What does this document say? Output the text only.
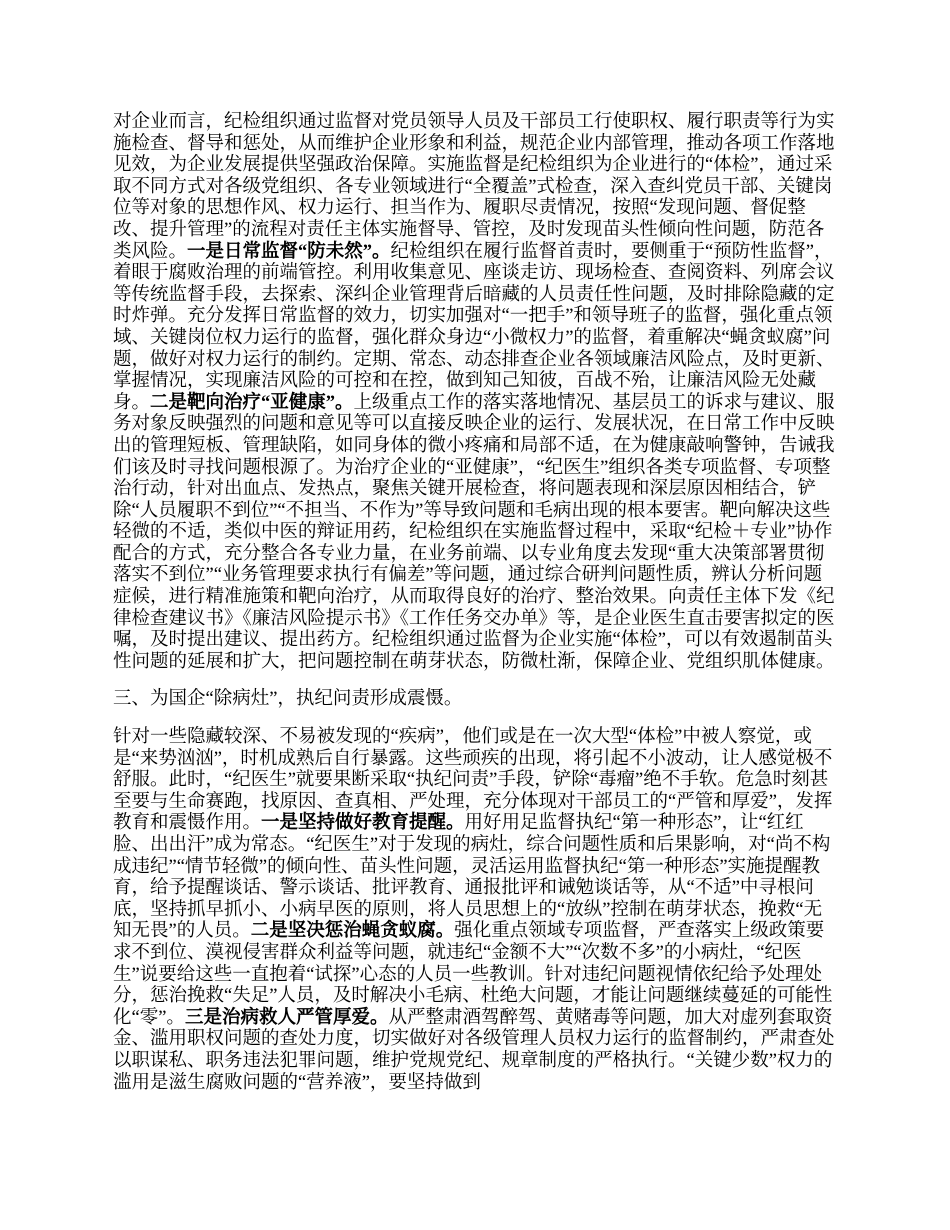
对企业而言，纪检组织通过监督对党员领导人员及干部员工行使职权、履行职责等行为实施检查、督导和惩处，从而维护企业形象和利益，规范企业内部管理，推动各项工作落地见效，为企业发展提供坚强政治保障。实施监督是纪检组织为企业进行的“体检”，通过采取不同方式对各级党组织、各专业领域进行“全覆盖”式检查，深入查纠党员干部、关键岗位等对象的思想作风、权力运行、担当作为、履职尽责情况，按照“发现问题、督促整改、提升管理”的流程对责任主体实施督导、管控，及时发现苗头性倾向性问题，防范各类风险。一是日常监督“防未然”。纪检组织在履行监督首责时，要侧重于“预防性监督”，着眼于腐败治理的前端管控。利用收集意见、座谈走访、现场检查、查阅资料、列席会议等传统监督手段，去探索、深纠企业管理背后暗藏的人员责任性问题，及时排除隐藏的定时炸弹。充分发挥日常监督的效力，切实加强对“一把手”和领导班子的监督，强化重点领域、关键岗位权力运行的监督，强化群众身边“小微权力”的监督，着重解决“蝇贪蚁腐”问题，做好对权力运行的制约。定期、常态、动态排查企业各领域廉洁风险点，及时更新、掌握情况，实现廉洁风险的可控和在控，做到知己知彼，百战不殆，让廉洁风险无处藏身。二是靶向治疗“亚健康”。上级重点工作的落实落地情况、基层员工的诉求与建议、服务对象反映强烈的问题和意见等可以直接反映企业的运行、发展状况，在日常工作中反映出的管理短板、管理缺陷，如同身体的微小疼痛和局部不适，在为健康敲响警钟，告诫我们该及时寻找问题根源了。为治疗企业的“亚健康”，“纪医生”组织各类专项监督、专项整治行动，针对出血点、发热点，聚焦关键开展检查，将问题表现和深层原因相结合，铲除“人员履职不到位”“不担当、不作为”等导致问题和毛病出现的根本要害。靶向解决这些轻微的不适，类似中医的辩证用药，纪检组织在实施监督过程中，采取“纪检＋专业”协作配合的方式，充分整合各专业力量，在业务前端、以专业角度去发现“重大决策部署贯彻落实不到位”“业务管理要求执行有偏差”等问题，通过综合研判问题性质，辨认分析问题症候，进行精准施策和靶向治疗，从而取得良好的治疗、整治效果。向责任主体下发《纪律检查建议书》《廉洁风险提示书》《工作任务交办单》等，是企业医生直击要害拟定的医嘱，及时提出建议、提出药方。纪检组织通过监督为企业实施“体检”，可以有效遏制苗头性问题的延展和扩大，把问题控制在萌芽状态，防微杜渐，保障企业、党组织肌体健康。

三、为国企“除病灶”，执纪问责形成震慑。

针对一些隐藏较深、不易被发现的“疾病”，他们或是在一次大型“体检”中被人察觉，或是“来势汹汹”，时机成熟后自行暴露。这些顽疾的出现，将引起不小波动，让人感觉极不舒服。此时，“纪医生”就要果断采取“执纪问责”手段，铲除“毒瘤”绝不手软。危急时刻甚至要与生命赛跑，找原因、查真相、严处理，充分体现对干部员工的“严管和厚爱”，发挥教育和震慑作用。一是坚持做好教育提醒。用好用足监督执纪“第一种形态”，让“红红脸、出出汗”成为常态。“纪医生”对于发现的病灶，综合问题性质和后果影响，对“尚不构成违纪”“情节轻微”的倾向性、苗头性问题，灵活运用监督执纪“第一种形态”实施提醒教育，给予提醒谈话、警示谈话、批评教育、通报批评和诫勉谈话等，从“不适”中寻根问底，坚持抓早抓小、小病早医的原则，将人员思想上的“放纵”控制在萌芽状态，挽救“无知无畏”的人员。二是坚决惩治蝇贪蚁腐。强化重点领域专项监督，严查落实上级政策要求不到位、漠视侵害群众利益等问题，就违纪“金额不大”“次数不多”的小病灶，“纪医生”说要给这些一直抱着“试探”心态的人员一些教训。针对违纪问题视情依纪给予处理处分，惩治挽救“失足”人员，及时解决小毛病、杜绝大问题，才能让问题继续蔓延的可能性化“零”。三是治病救人严管厚爱。从严整肃酒驾醉驾、黄赌毒等问题，加大对虚列套取资金、滥用职权问题的查处力度，切实做好对各级管理人员权力运行的监督制约，严肃查处以职谋私、职务违法犯罪问题，维护党规党纪、规章制度的严格执行。“关键少数”权力的滥用是滋生腐败问题的“营养液”，要坚持做到
